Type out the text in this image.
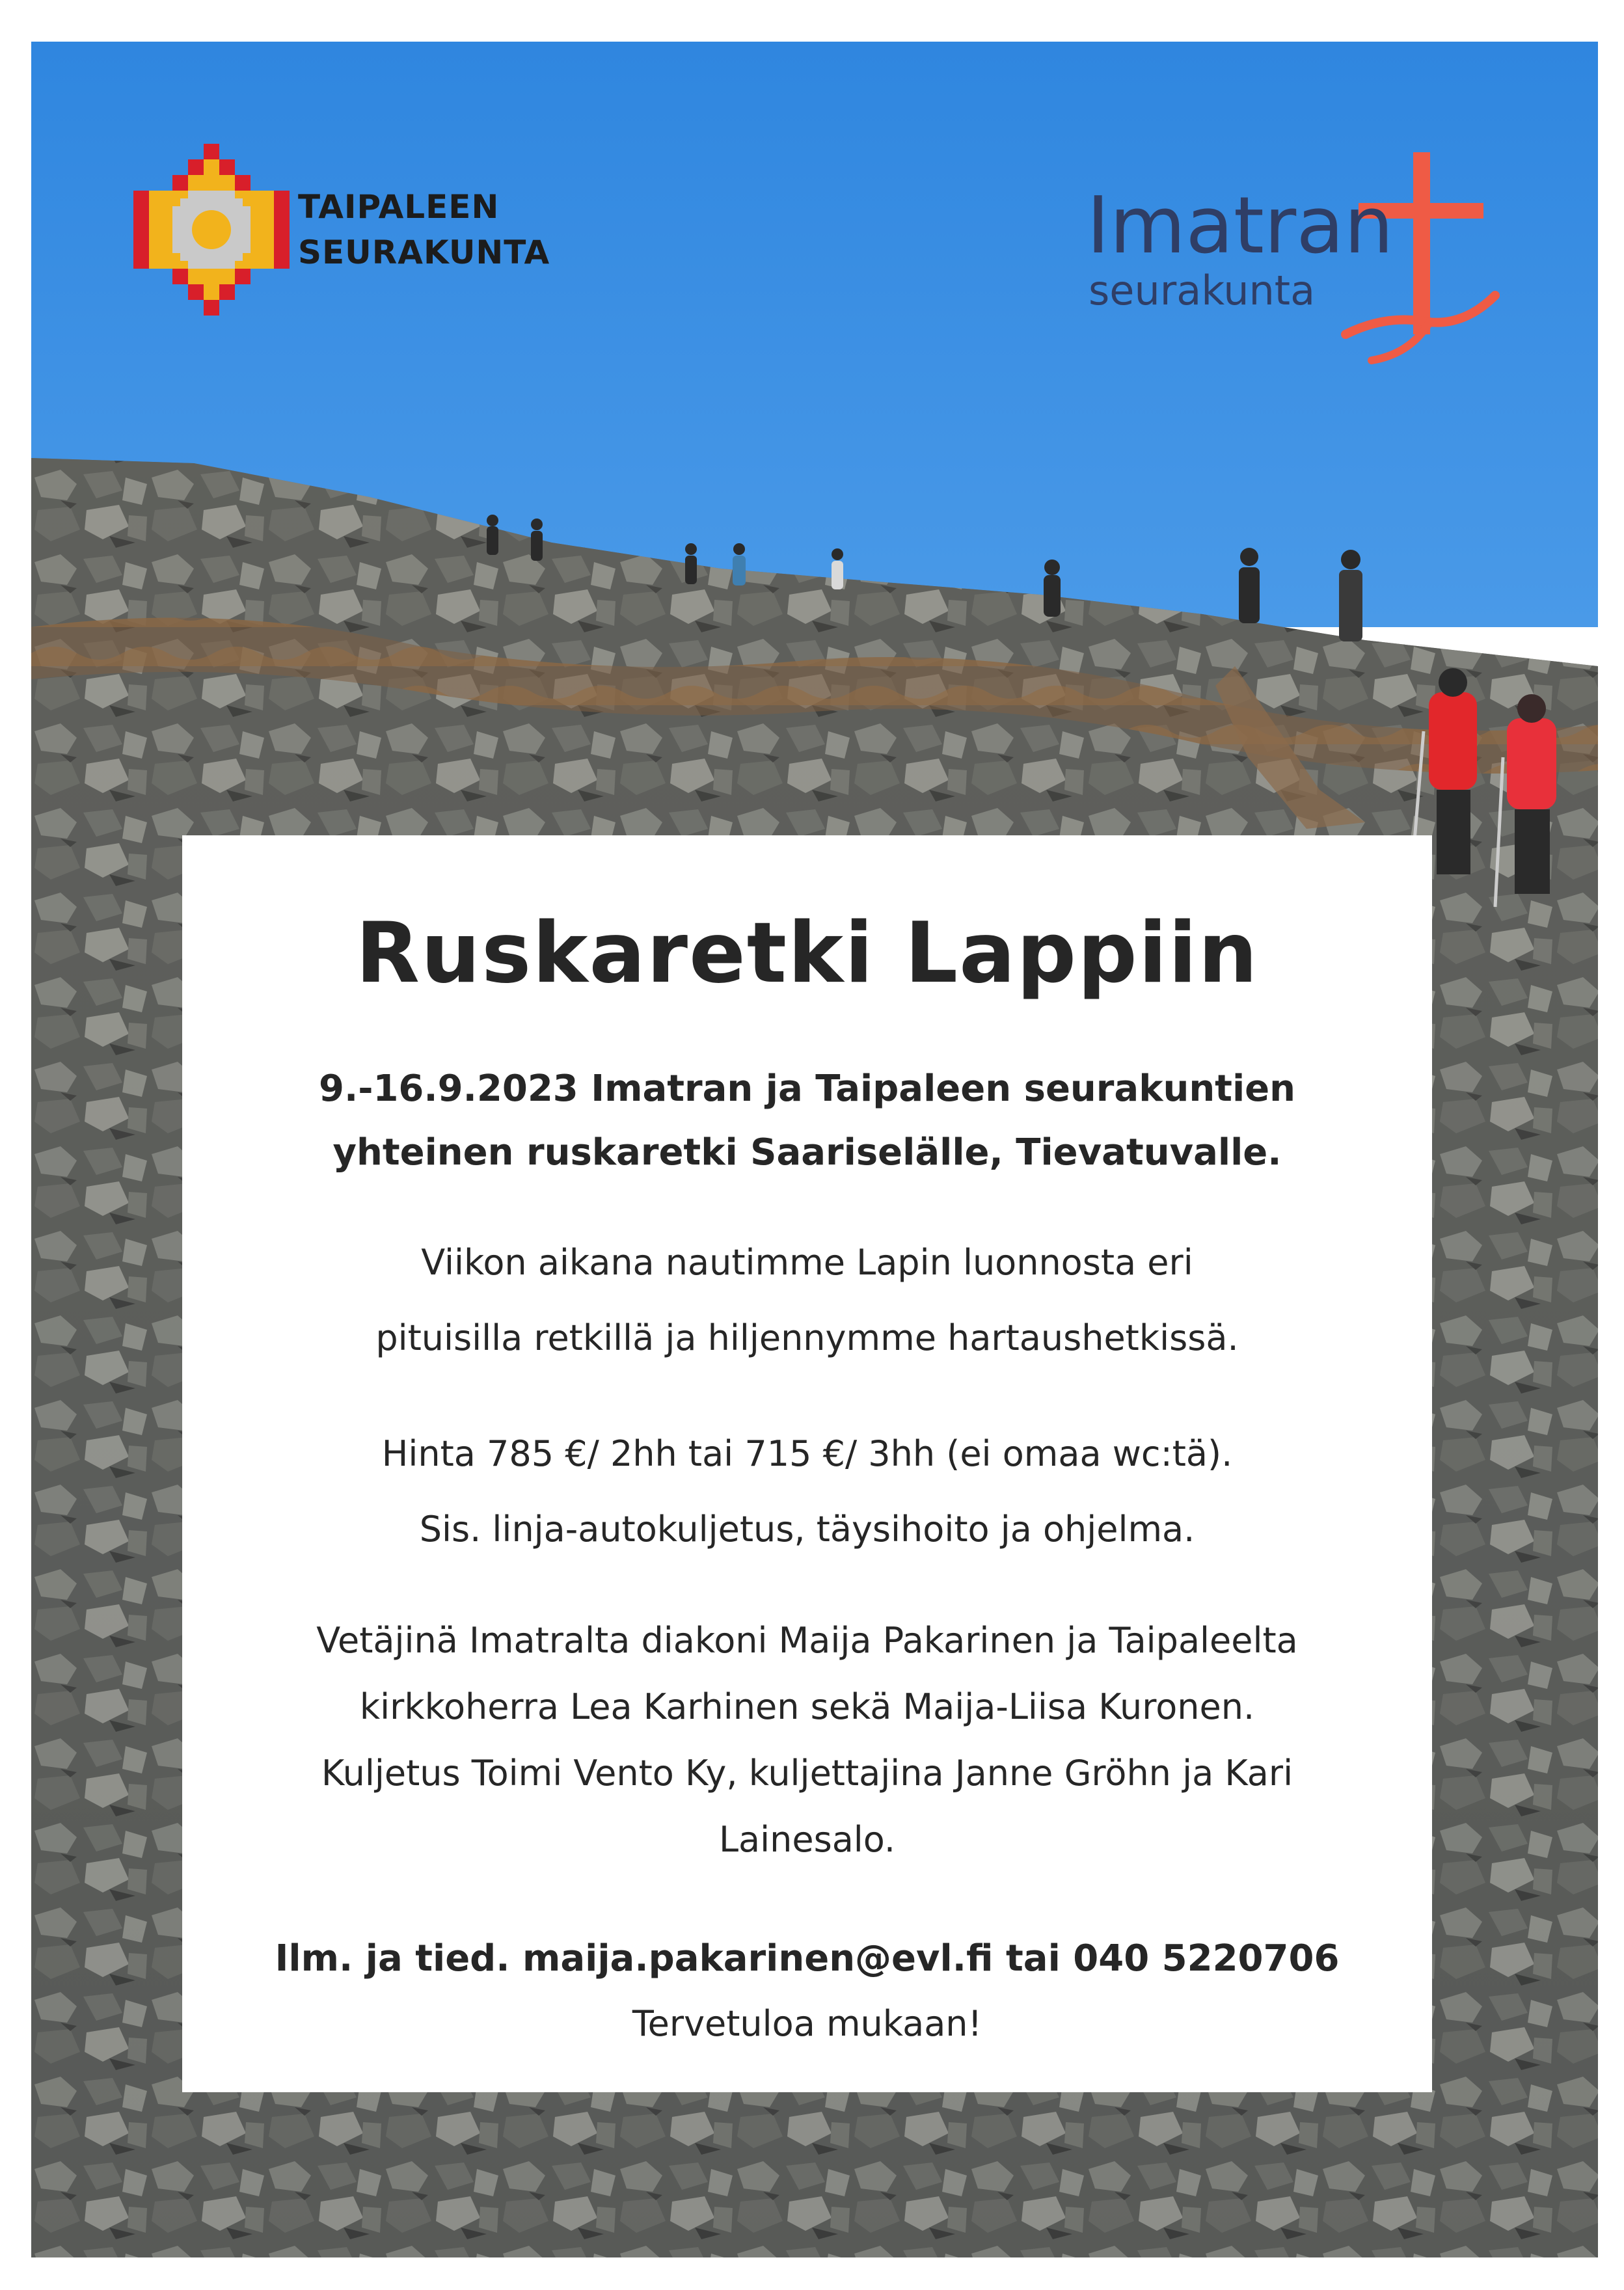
TAIPALEEN
SEURAKUNTA	Imatran
seurakunta
Ruskaretki Lappiin

9.-16.9.2023 Imatran ja Taipaleen seurakuntien
yhteinen ruskaretki Saariselälle, Tievatuvalle.

Viikon aikana nautimme Lapin luonnosta eri
pituisilla retkillä ja hiljennymme hartaushetkissä.

Hinta 785 €/ 2hh tai 715 €/ 3hh (ei omaa wc:tä).
Sis. linja-autokuljetus, täysihoito ja ohjelma.

Vetäjinä Imatralta diakoni Maija Pakarinen ja Taipaleelta
kirkkoherra Lea Karhinen sekä Maija-Liisa Kuronen.
Kuljetus Toimi Vento Ky, kuljettajina Janne Gröhn ja Kari
Lainesalo.

Ilm. ja tied. maija.pakarinen@evl.fi tai 040 5220706

Tervetuloa mukaan!
